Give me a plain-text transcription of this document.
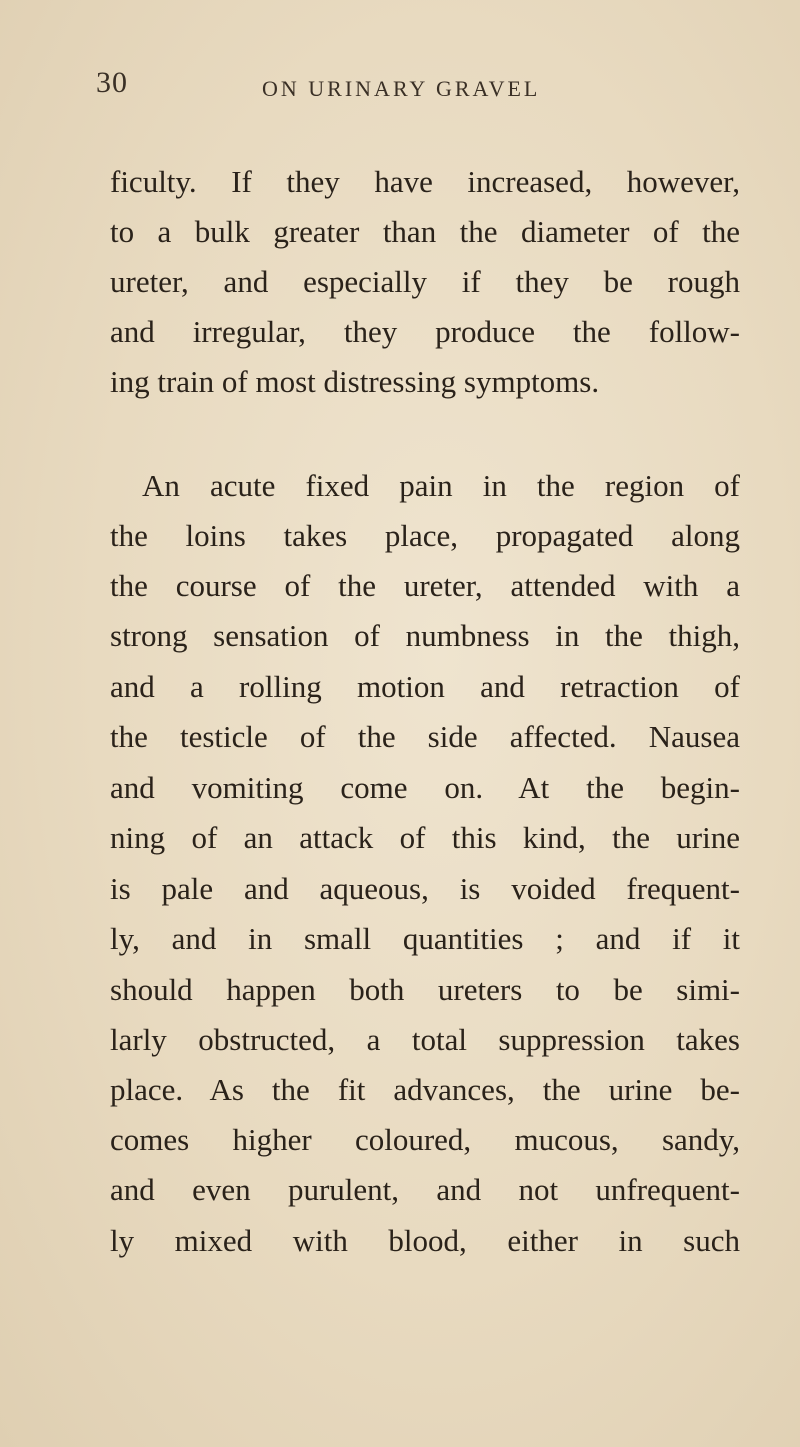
30	ON URINARY GRAVEL
ficulty. If they have increased, however,
to a bulk greater than the diameter of the
ureter, and especially if they be rough
and irregular, they produce the follow-
ing train of most distressing symptoms.
An acute fixed pain in the region of
the loins takes place, propagated along
the course of the ureter, attended with a
strong sensation of numbness in the thigh,
and a rolling motion and retraction of
the testicle of the side affected. Nausea
and vomiting come on. At the begin-
ning of an attack of this kind, the urine
is pale and aqueous, is voided frequent-
ly, and in small quantities ; and if it
should happen both ureters to be simi-
larly obstructed, a total suppression takes
place. As the fit advances, the urine be-
comes higher coloured, mucous, sandy,
and even purulent, and not unfrequent-
ly mixed with blood, either in such
